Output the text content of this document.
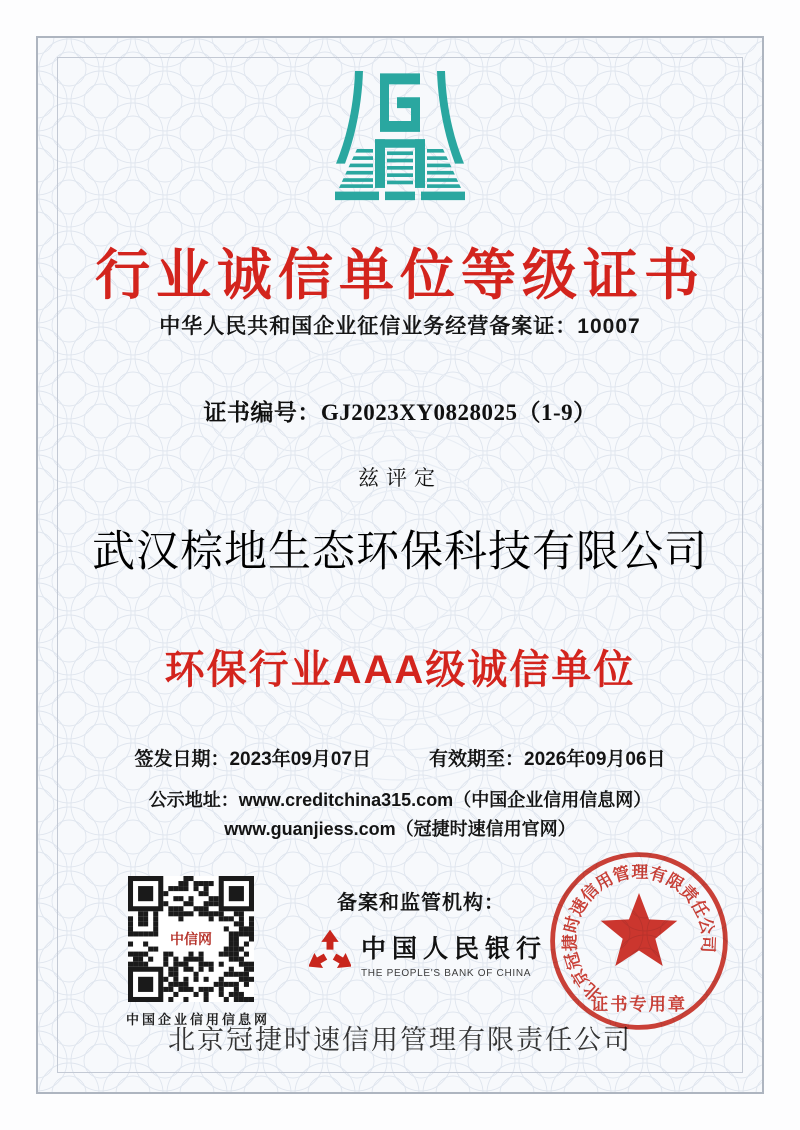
行业诚信单位等级证书
中华人民共和国企业征信业务经营备案证：10007
证书编号：GJ2023XY0828025（1-9）
兹评定
武汉棕地生态环保科技有限公司
环保行业AAA级诚信单位
签发日期：2023年09月07日	有效期至：2026年09月06日
公示地址：www.creditchina315.com（中国企业信用信息网）
www.guanjiess.com（冠捷时速信用官网）
中信网
中国企业信用信息网
备案和监管机构：
中国人民银行
THE PEOPLE'S BANK OF CHINA
北京冠捷时速信用管理有限责任公司
证书专用章
北京冠捷时速信用管理有限责任公司
